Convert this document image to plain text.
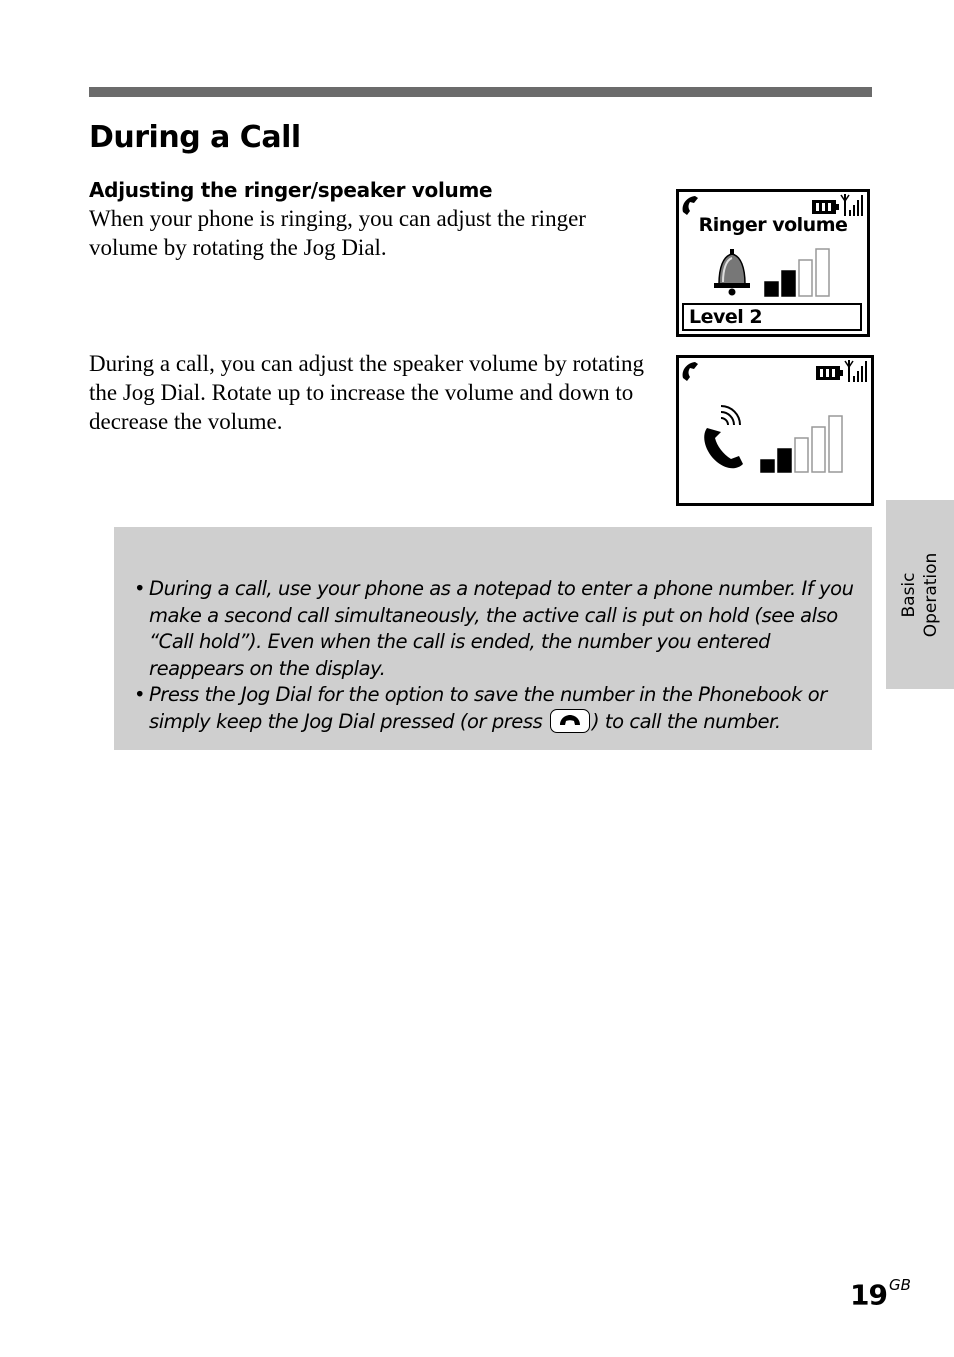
During a Call
Adjusting the ringer/speaker volume

When your phone is ringing, you can adjust the ringer volume by rotating the Jog Dial.

During a call, you can adjust the speaker volume by rotating the Jog Dial. Rotate up to increase the volume and down to decrease the volume.

Ringer volume
Level 2
Basic Operation
• During a call, use your phone as a notepad to enter a phone number. If you make a second call simultaneously, the active call is put on hold (see also “Call hold”). Even when the call is ended, the number you entered reappears on the display.
• Press the Jog Dial for the option to save the number in the Phonebook or simply keep the Jog Dial pressed (or press	) to call the number.
19 $^{GB}$
